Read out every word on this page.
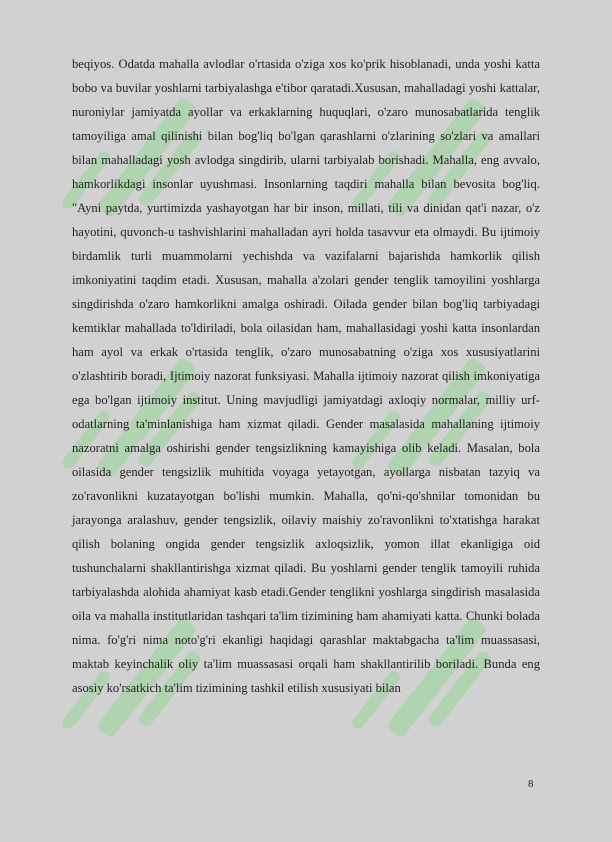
beqiyos. Odatda mahalla avlodlar o'rtasida o'ziga xos ko'prik hisoblanadi, unda yoshi katta bobo va buvilar yoshlarni tarbiyalashga e'tibor qaratadi.Xususan, mahalladagi yoshi kattalar, nuroniylar jamiyatda ayollar va erkaklarning huquqlari, o'zaro munosabatlarida tenglik tamoyiliga amal qilinishi bilan bog'liq bo'lgan qarashlarni o'zlarining so'zlari va amallari bilan mahalladagi yosh avlodga singdirib, ularni tarbiyalab borishadi. Mahalla, eng avvalo, hamkorlikdagi insonlar uyushmasi. Insonlarning taqdiri mahalla bilan bevosita bog'liq. "Ayni paytda, yurtimizda yashayotgan har bir inson, millati, tili va dinidan qat'i nazar, o'z hayotini, quvonch-u tashvishlarini mahalladan ayri holda tasavvur eta olmaydi. Bu ijtimoiy birdamlik turli muammolarni yechishda va vazifalarni bajarishda hamkorlik qilish imkoniyatini taqdim etadi. Xususan, mahalla a'zolari gender tenglik tamoyilini yoshlarga singdirishda o'zaro hamkorlikni amalga oshiradi. Oilada gender bilan bog'liq tarbiyadagi kemtiklar mahallada to'ldiriladi, bola oilasidan ham, mahallasidagi yoshi katta insonlardan ham ayol va erkak o'rtasida tenglik, o'zaro munosabatning o'ziga xos xususiyatlarini o'zlashtirib boradi, Ijtimoiy nazorat funksiyasi. Mahalla ijtimoiy nazorat qilish imkoniyatiga ega bo'lgan ijtimoiy institut. Uning mavjudligi jamiyatdagi axloqiy normalar, milliy urf-odatlarning ta'minlanishiga ham xizmat qiladi. Gender masalasida mahallaning ijtimoiy nazoratni amalga oshirishi gender tengsizlikning kamayishiga olib keladi. Masalan, bola oilasida gender tengsizlik muhitida voyaga yetayotgan, ayollarga nisbatan tazyiq va zo'ravonlikni kuzatayotgan bo'lishi mumkin. Mahalla, qo'ni-qo'shnilar tomonidan bu jarayonga aralashuv, gender tengsizlik, oilaviy maishiy zo'ravonlikni to'xtatishga harakat qilish bolaning ongida gender tengsizlik axloqsizlik, yomon illat ekanligiga oid tushunchalarni shakllantirishga xizmat qiladi. Bu yoshlarni gender tenglik tamoyili ruhida tarbiyalashda alohida ahamiyat kasb etadi.Gender tenglikni yoshlarga singdirish masalasida oila va mahalla institutlaridan tashqari ta'lim tizimining ham ahamiyati katta. Chunki bolada nima. fo'g'ri nima noto'g'ri ekanligi haqidagi qarashlar maktabgacha ta'lim muassasasi, maktab keyinchalik oliy ta'lim muassasasi orqali ham shakllantirilib boriladi. Bunda eng asosiy ko'rsatkich ta'lim tizimining tashkil etilish xususiyati bilan

8
